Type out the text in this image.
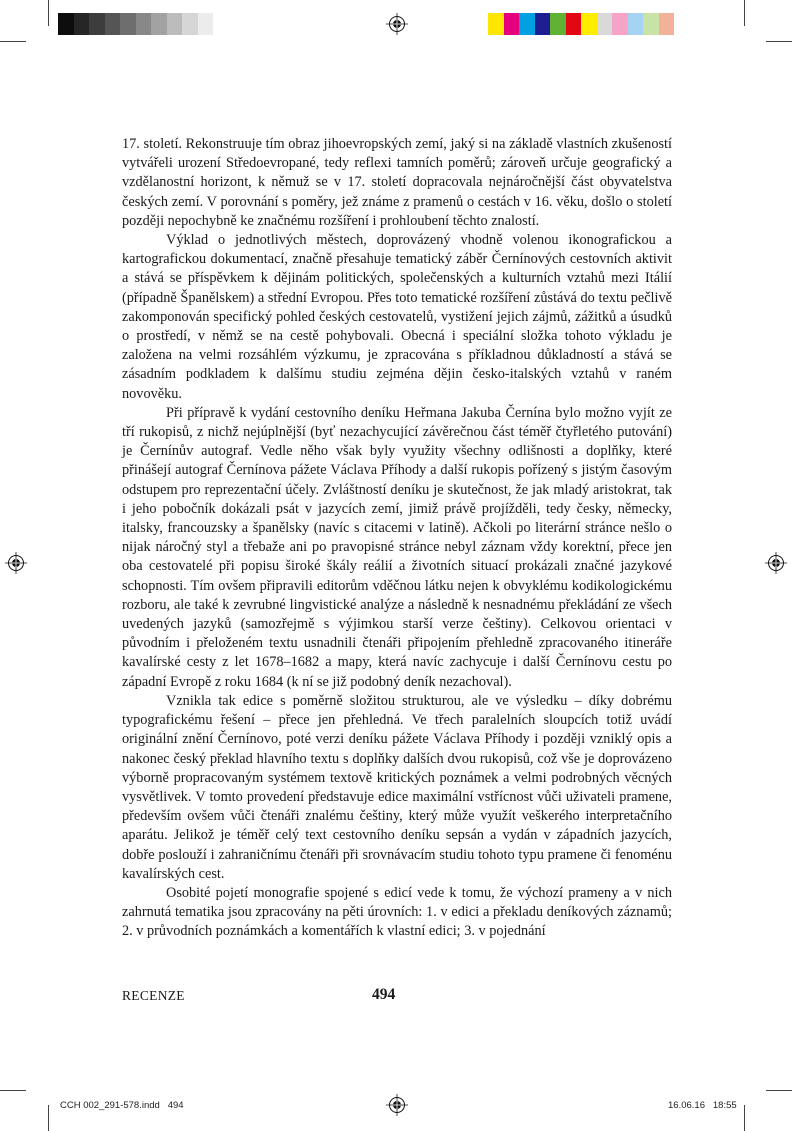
17. století. Rekonstruuje tím obraz jihoevropských zemí, jaký si na základě vlastních zkušeností vytvářeli urození Středoevropané, tedy reflexi tamních poměrů; zároveň určuje geografický a vzdělanostní horizont, k němuž se v 17. století dopracovala nejnáročnější část obyvatelstva českých zemí. V porovnání s poměry, jež známe z pramenů o cestách v 16. věku, došlo o století později nepochybně ke značnému rozšíření i prohloubení těchto znalostí.

Výklad o jednotlivých městech, doprovázený vhodně volenou ikonografickou a kartografickou dokumentací, značně přesahuje tematický záběr Černínových cestovních aktivit a stává se příspěvkem k dějinám politických, společenských a kulturních vztahů mezi Itálií (případně Španělskem) a střední Evropou. Přes toto tematické rozšíření zůstává do textu pečlivě zakomponován specifický pohled českých cestovatelů, vystižení jejich zájmů, zážitků a úsudků o prostředí, v němž se na cestě pohybovali. Obecná i speciální složka tohoto výkladu je založena na velmi rozsáhlém výzkumu, je zpracována s příkladnou důkladností a stává se zásadním podkladem k dalšímu studiu zejména dějin česko-italských vztahů v raném novověku.

Při přípravě k vydání cestovního deníku Heřmana Jakuba Černína bylo možno vyjít ze tří rukopisů, z nichž nejúplnější (byť nezachycující závěrečnou část téměř čtyřletého putování) je Černínův autograf. Vedle něho však byly využity všechny odlišnosti a doplňky, které přinášejí autograf Černínova pážete Václava Příhody a další rukopis pořízený s jistým časovým odstupem pro reprezentační účely. Zvláštností deníku je skutečnost, že jak mladý aristokrat, tak i jeho pobočník dokázali psát v jazycích zemí, jimiž právě projížděli, tedy česky, německy, italsky, francouzsky a španělsky (navíc s citacemi v latině). Ačkoli po literární stránce nešlo o nijak náročný styl a třebaže ani po pravopisné stránce nebyl záznam vždy korektní, přece jen oba cestovatelé při popisu široké škály reálií a životních situací prokázali značné jazykové schopnosti. Tím ovšem připravili editorům vděčnou látku nejen k obvyklému kodikologickému rozboru, ale také k zevrubné lingvistické analýze a následně k nesnadnému překládání ze všech uvedených jazyků (samozřejmě s výjimkou starší verze češtiny). Celkovou orientaci v původním i přeloženém textu usnadnili čtenáři připojením přehledně zpracovaného itineráře kavalírské cesty z let 1678–1682 a mapy, která navíc zachycuje i další Černínovu cestu po západní Evropě z roku 1684 (k ní se již podobný deník nezachoval).

Vznikla tak edice s poměrně složitou strukturou, ale ve výsledku – díky dobrému typografickému řešení – přece jen přehledná. Ve třech paralelních sloupcích totiž uvádí originální znění Černínovo, poté verzi deníku pážete Václava Příhody i později vzniklý opis a nakonec český překlad hlavního textu s doplňky dalších dvou rukopisů, což vše je doprovázeno výborně propracovaným systémem textově kritických poznámek a velmi podrobných věcných vysvětlivek. V tomto provedení představuje edice maximální vstřícnost vůči uživateli pramene, především ovšem vůči čtenáři znalému češtiny, který může využít veškerého interpretačního aparátu. Jelikož je téměř celý text cestovního deníku sepsán a vydán v západních jazycích, dobře poslouží i zahraničnímu čtenáři při srovnávacím studiu tohoto typu pramene či fenoménu kavalírských cest.

Osobité pojetí monografie spojené s edicí vede k tomu, že výchozí prameny a v nich zahrnutá tematika jsou zpracovány na pěti úrovních: 1. v edici a překladu deníkových záznamů; 2. v průvodních poznámkách a komentářích k vlastní edici; 3. v pojednání

RECENZE	494
CCH 002_291-578.indd   494	16.06.16   18:55
